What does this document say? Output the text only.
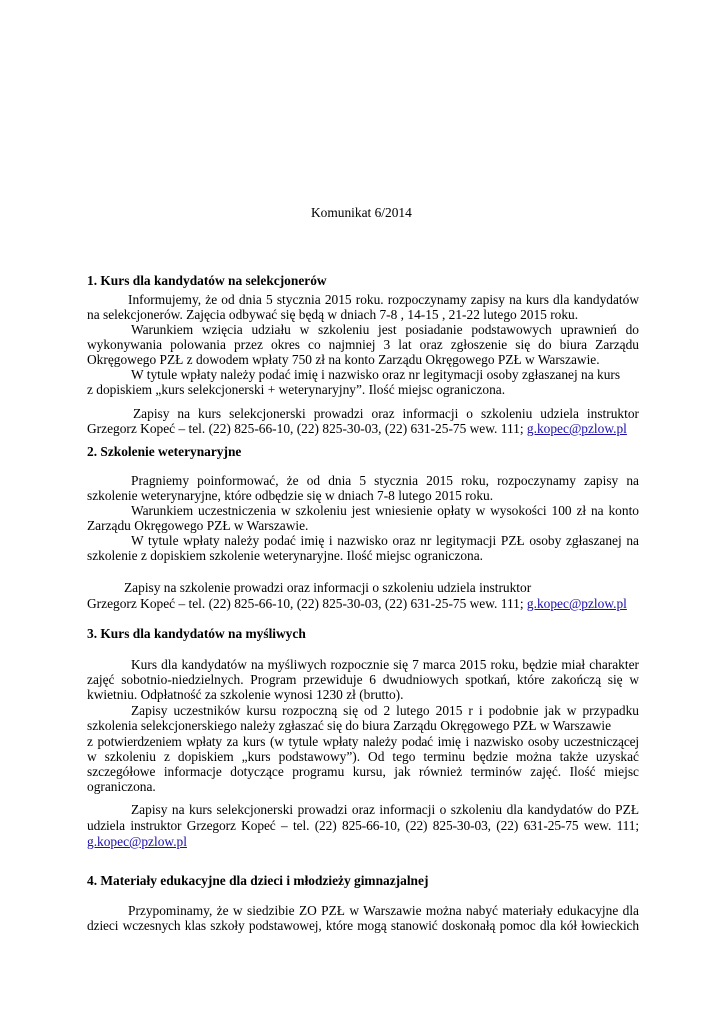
Komunikat 6/2014
1. Kurs dla kandydatów na selekcjonerów
Informujemy, że od dnia 5 stycznia 2015 roku. rozpoczynamy zapisy na kurs dla kandydatów
na selekcjonerów. Zajęcia odbywać się będą w dniach 7-8 , 14-15 , 21-22 lutego 2015 roku.
Warunkiem wzięcia udziału w szkoleniu jest posiadanie podstawowych uprawnień do
wykonywania polowania przez okres co najmniej 3 lat oraz zgłoszenie się do biura Zarządu
Okręgowego PZŁ z dowodem wpłaty 750 zł na konto Zarządu Okręgowego PZŁ w Warszawie.
W tytule wpłaty należy podać imię i nazwisko oraz nr legitymacji osoby zgłaszanej na kurs
z dopiskiem „kurs selekcjonerski + weterynaryjny”. Ilość miejsc ograniczona.
Zapisy na kurs selekcjonerski prowadzi oraz informacji o szkoleniu udziela instruktor
Grzegorz Kopeć – tel. (22) 825-66-10, (22) 825-30-03, (22) 631-25-75 wew. 111; g.kopec@pzlow.pl
2. Szkolenie weterynaryjne
Pragniemy poinformować, że od dnia 5 stycznia 2015 roku, rozpoczynamy zapisy na
szkolenie weterynaryjne, które odbędzie się w dniach 7-8 lutego 2015 roku.
Warunkiem uczestniczenia w szkoleniu jest wniesienie opłaty w wysokości 100 zł na konto
Zarządu Okręgowego PZŁ w Warszawie.
W tytule wpłaty należy podać imię i nazwisko oraz nr legitymacji PZŁ osoby zgłaszanej na
szkolenie z dopiskiem szkolenie weterynaryjne. Ilość miejsc ograniczona.
Zapisy na szkolenie prowadzi oraz informacji o szkoleniu udziela instruktor
Grzegorz Kopeć – tel. (22) 825-66-10, (22) 825-30-03, (22) 631-25-75 wew. 111; g.kopec@pzlow.pl
3. Kurs dla kandydatów na myśliwych
Kurs dla kandydatów na myśliwych rozpocznie się 7 marca 2015 roku, będzie miał charakter
zajęć sobotnio-niedzielnych. Program przewiduje 6 dwudniowych spotkań, które zakończą się w
kwietniu. Odpłatność za szkolenie wynosi 1230 zł (brutto).
Zapisy uczestników kursu rozpoczną się od 2 lutego 2015 r i podobnie jak w przypadku
szkolenia selekcjonerskiego należy zgłaszać się do biura Zarządu Okręgowego PZŁ w Warszawie
z potwierdzeniem wpłaty za kurs (w tytule wpłaty należy podać imię i nazwisko osoby uczestniczącej
w szkoleniu z dopiskiem „kurs podstawowy”). Od tego terminu będzie można także uzyskać
szczegółowe informacje dotyczące programu kursu, jak również terminów zajęć. Ilość miejsc
ograniczona.
Zapisy na kurs selekcjonerski prowadzi oraz informacji o szkoleniu dla kandydatów do PZŁ
udziela instruktor Grzegorz Kopeć – tel. (22) 825-66-10, (22) 825-30-03, (22) 631-25-75 wew. 111;
g.kopec@pzlow.pl
4. Materiały edukacyjne dla dzieci i młodzieży gimnazjalnej
Przypominamy, że w siedzibie ZO PZŁ w Warszawie można nabyć materiały edukacyjne dla
dzieci wczesnych klas szkoły podstawowej, które mogą stanowić doskonałą pomoc dla kół łowieckich
